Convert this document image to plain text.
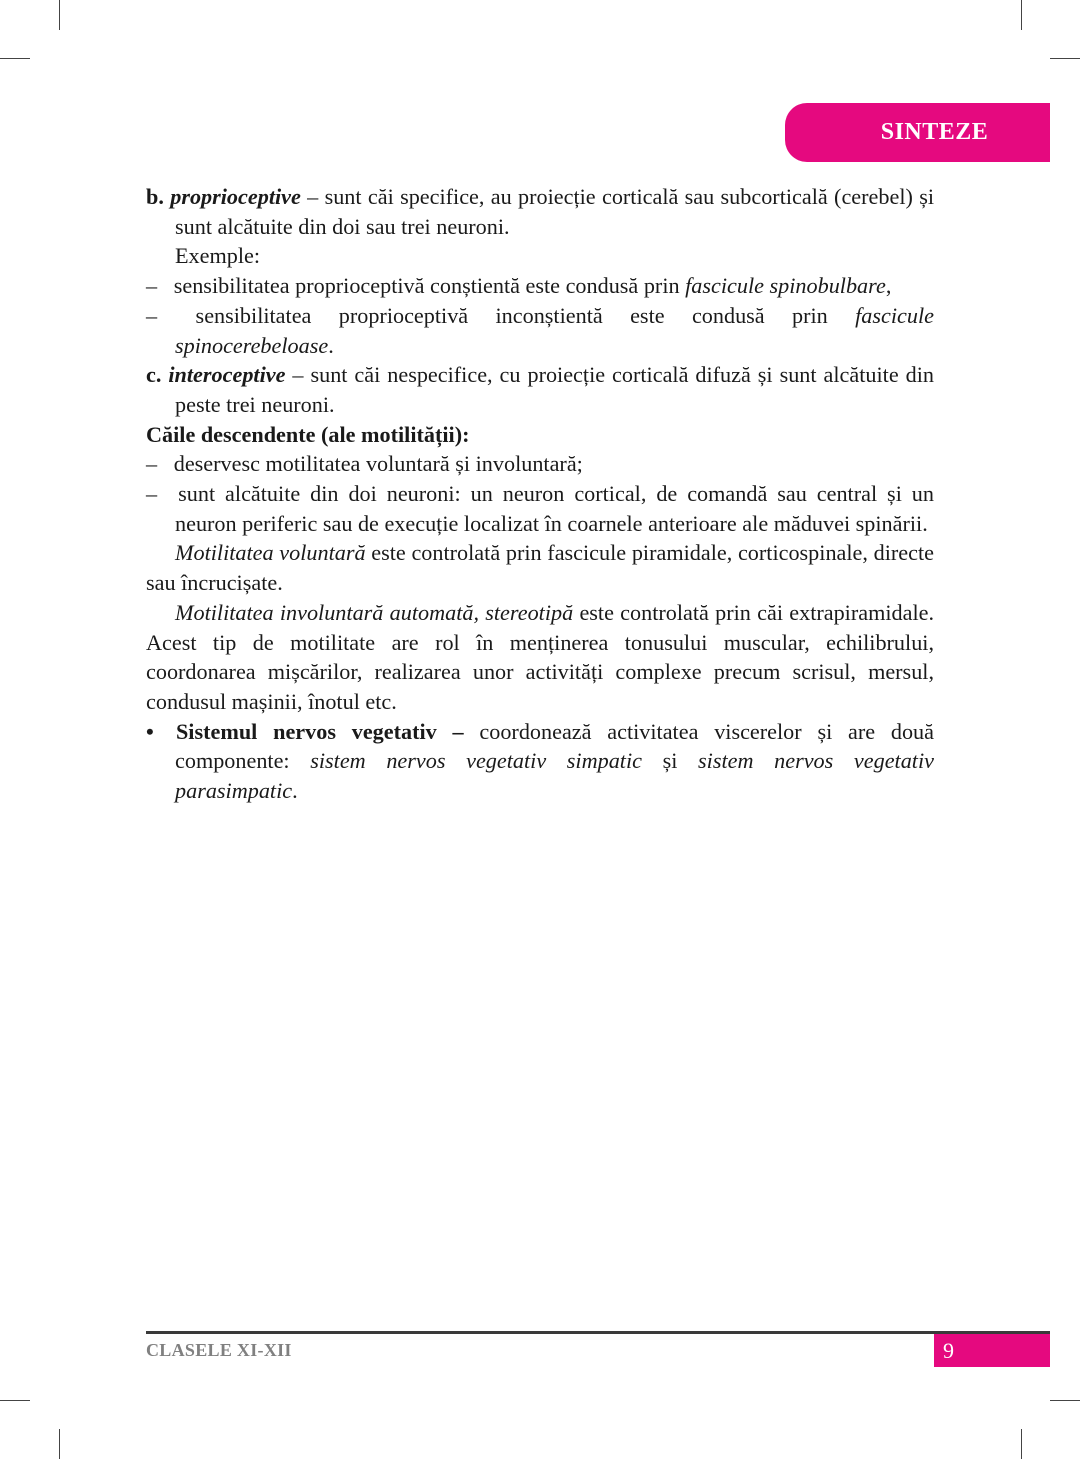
SINTEZE

b. proprioceptive – sunt căi specifice, au proiecție corticală sau subcorticală (cerebel) și sunt alcătuite din doi sau trei neuroni.

Exemple:

–  sensibilitatea proprioceptivă conștientă este condusă prin fascicule spinobulbare,

–  sensibilitatea proprioceptivă inconștientă este condusă prin fascicule spinocerebeloase.

c. interoceptive – sunt căi nespecifice, cu proiecție corticală difuză și sunt alcătuite din peste trei neuroni.

Căile descendente (ale motilității):

–  deservesc motilitatea voluntară și involuntară;

–  sunt alcătuite din doi neuroni: un neuron cortical, de comandă sau central și un neuron periferic sau de execuție localizat în coarnele anterioare ale măduvei spinării.

Motilitatea voluntară este controlată prin fascicule piramidale, corticospinale, directe sau încrucișate.

Motilitatea involuntară automată, stereotipă este controlată prin căi extrapiramidale. Acest tip de motilitate are rol în menținerea tonusului muscular, echilibrului, coordonarea mișcărilor, realizarea unor activități complexe precum scrisul, mersul, condusul mașinii, înotul etc.

• Sistemul nervos vegetativ – coordonează activitatea viscerelor și are două componente: sistem nervos vegetativ simpatic și sistem nervos vegetativ parasimpatic.

CLASELE XI-XII	9
